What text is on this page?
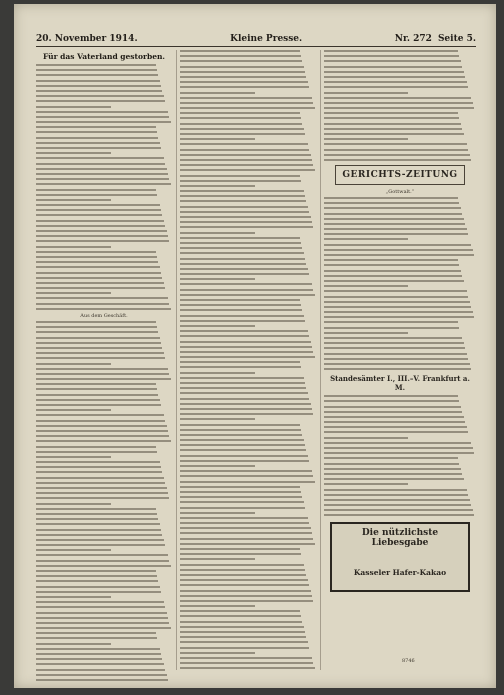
20. November 1914.	Kleine Presse.	Nr. 272 Seite 5.
Für das Vaterland gestorben.
Aus dem Geschäft.
GERICHTS-ZEITUNG
„Gottwalt.“
Standesämter I., III.–V. Frankfurt a. M.
Die nützlichste Liebesgabe

Kasseler Hafer-Kakao

8746
